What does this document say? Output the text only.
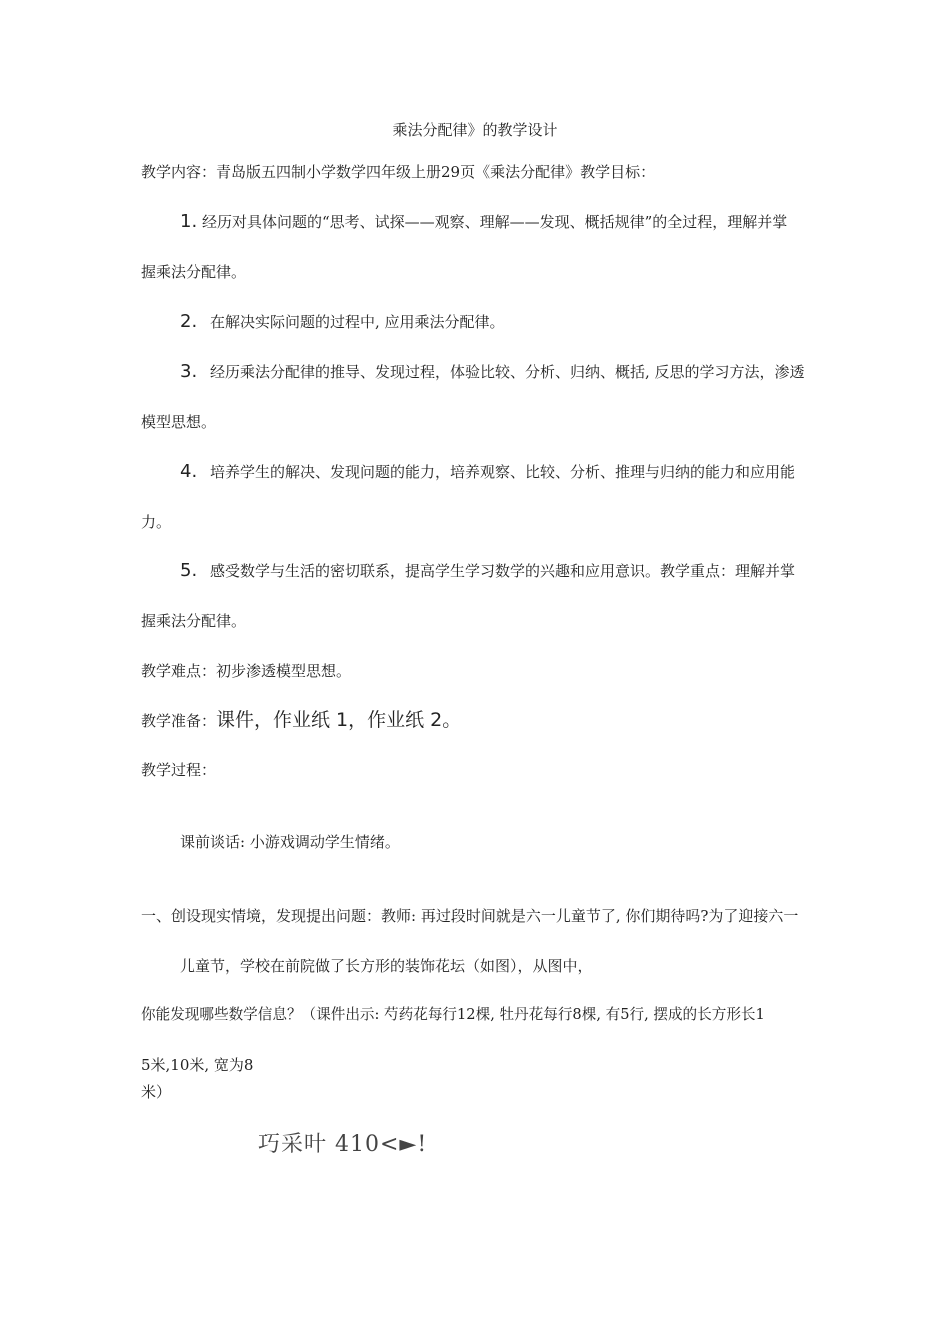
乘法分配律》的教学设计
教学内容：青岛版五四制小学数学四年级上册29页《乘法分配律》教学目标：
1. 经历对具体问题的“思考、试探——观察、理解——发现、概括规律”的全过程，理解并掌
握乘法分配律。
2. 在解决实际问题的过程中, 应用乘法分配律。
3. 经历乘法分配律的推导、发现过程，体验比较、分析、归纳、概括, 反思的学习方法，渗透
模型思想。
4. 培养学生的解决、发现问题的能力，培养观察、比较、分析、推理与归纳的能力和应用能
力。
5. 感受数学与生活的密切联系，提高学生学习数学的兴趣和应用意识。教学重点：理解并掌
握乘法分配律。
教学难点：初步渗透模型思想。
教学准备：课件，作业纸 1，作业纸 2。
教学过程：
课前谈话: 小游戏调动学生情绪。
一、创设现实情境，发现提出问题：教师: 再过段时间就是六一儿童节了, 你们期待吗?为了迎接六一
儿童节，学校在前院做了长方形的装饰花坛（如图），从图中，
你能发现哪些数学信息？（课件出示: 芍药花每行12棵, 牡丹花每行8棵, 有5行, 摆成的长方形长1
5米,10米, 宽为8
米）
巧采叶 410<►!
